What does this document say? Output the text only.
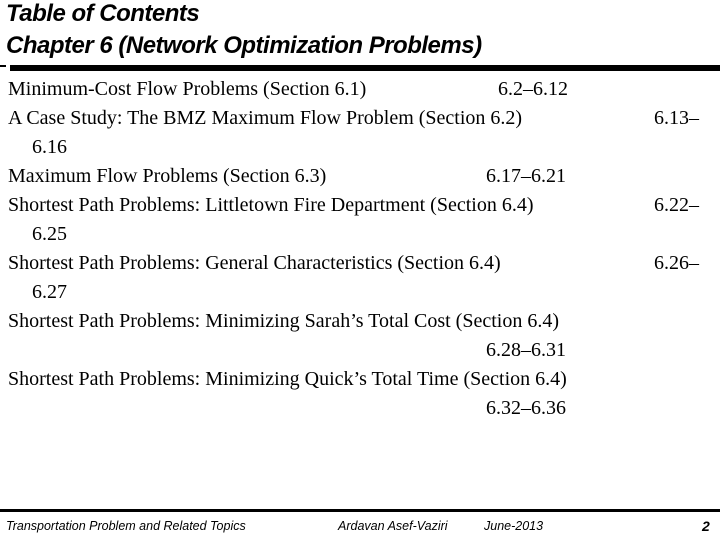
Table of Contents
Chapter 6 (Network Optimization Problems)
Minimum-Cost Flow Problems (Section 6.1)	6.2–6.12
A Case Study: The BMZ Maximum Flow Problem (Section 6.2)	6.13–
6.16
Maximum Flow Problems (Section 6.3)	6.17–6.21
Shortest Path Problems: Littletown Fire Department (Section 6.4)	6.22–
6.25
Shortest Path Problems: General Characteristics (Section 6.4)	6.26–
6.27
Shortest Path Problems: Minimizing Sarah’s Total Cost (Section 6.4)
6.28–6.31
Shortest Path Problems: Minimizing Quick’s Total Time (Section 6.4)
6.32–6.36
Transportation Problem and Related Topics	Ardavan Asef-Vaziri	June-2013	2
